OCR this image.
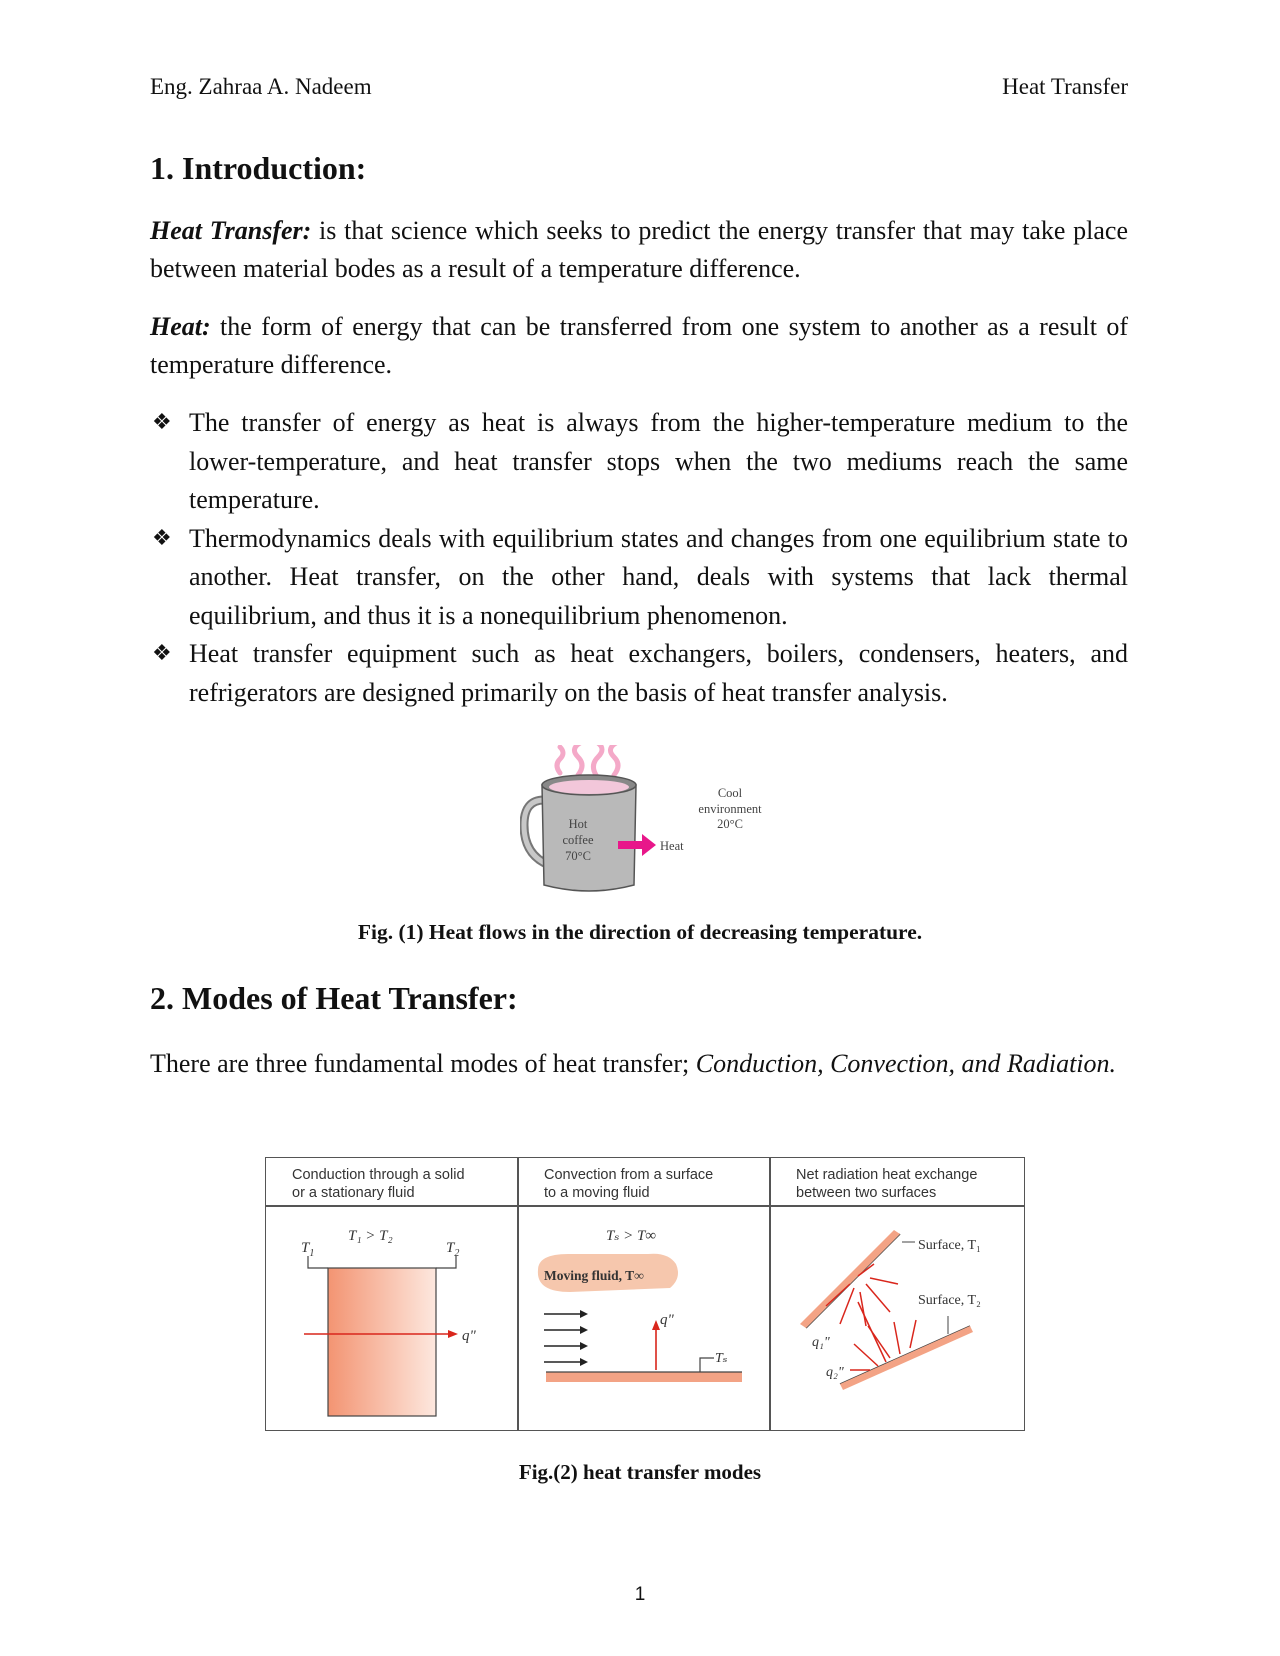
Eng. Zahraa A. Nadeem	Heat Transfer
1. Introduction:

Heat Transfer: is that science which seeks to predict the energy transfer that may take place between material bodes as a result of a temperature difference.

Heat: the form of energy that can be transferred from one system to another as a result of temperature difference.

❖ The transfer of energy as heat is always from the higher-temperature medium to the lower-temperature, and heat transfer stops when the two mediums reach the same temperature.
❖ Thermodynamics deals with equilibrium states and changes from one equilibrium state to another. Heat transfer, on the other hand, deals with systems that lack thermal equilibrium, and thus it is a nonequilibrium phenomenon.
❖ Heat transfer equipment such as heat exchangers, boilers, condensers, heaters, and refrigerators are designed primarily on the basis of heat transfer analysis.
Hot
coffee
70°C
Heat
Cool
environment
20°C
Fig. (1) Heat flows in the direction of decreasing temperature.
2. Modes of Heat Transfer:

There are three fundamental modes of heat transfer; Conduction, Convection, and Radiation.

Conduction through a solid
or a stationary fluid
T₁ > T₂
$T_1$	$T_2$
q"
Convection from a surface
to a moving fluid
Tₛ > T∞
Moving fluid, T∞
q"
Tₛ
Net radiation heat exchange
between two surfaces
Surface, T₁
Surface, T₂
q₁"
q₂"
Fig.(2) heat transfer modes
1
